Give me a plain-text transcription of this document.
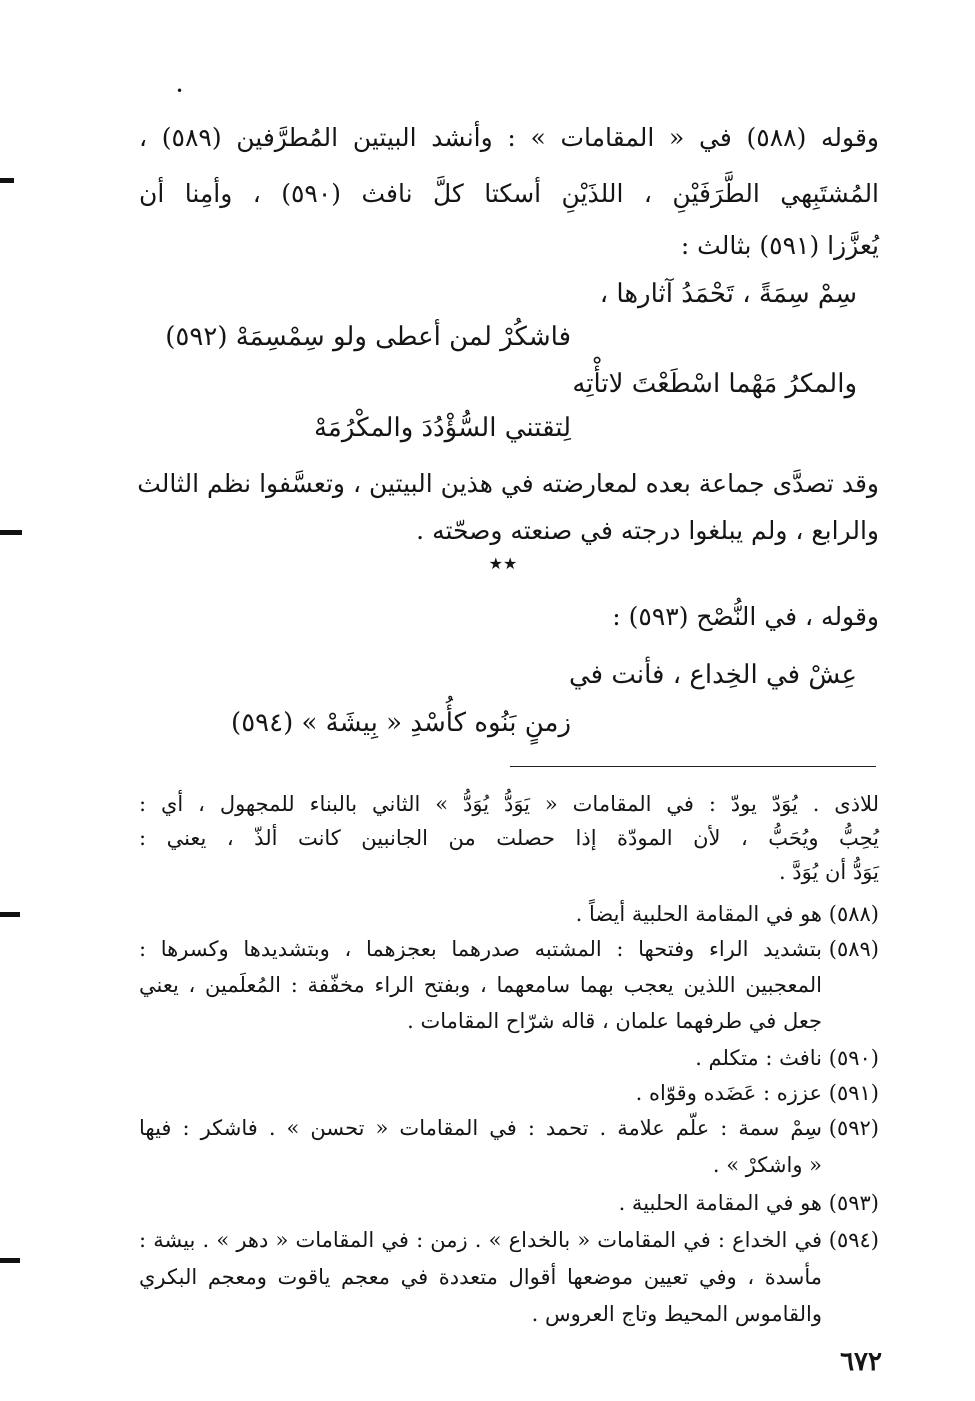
•
وقوله (٥٨٨) في « المقامات » : وأنشد البيتين المُطرَّفين (٥٨٩) ،
المُشتَبِهي الطَّرَفَيْنِ ، اللذَيْنِ أسكتا كلَّ نافث (٥٩٠) ، وأمِنا أن
يُعزَّزا (٥٩١) بثالث :
سِمْ سِمَةً ، تَحْمَدُ آثارها ،
فاشكُرْ لمن أعطى ولو سِمْسِمَهْ (٥٩٢)
والمكرُ مَهْما اسْطَعْتَ لاتأْتِه
لِتقتني السُّؤْدُدَ والمكْرُمَهْ
وقد تصدَّى جماعة بعده لمعارضته في هذين البيتين ، وتعسَّفوا نظم الثالث
والرابع ، ولم يبلغوا درجته في صنعته وصحّته .
★★
وقوله ، في النُّصْح (٥٩٣) :
عِشْ في الخِداع ، فأنت في
زمنٍ بَنُوه كأُسْدِ « بِيشَهْ » (٥٩٤)
للاذى . يُوَدّ يودّ : في المقامات « يَوَدُّ يُوَدُّ » الثاني بالبناء للمجهول ، أي :
يُحِبُّ ويُحَبُّ ، لأن المودّة إذا حصلت من الجانبين كانت ألذّ ، يعني :
يَوَدُّ أن يُوَدَّ .
(٥٨٨)
هو في المقامة الحلبية أيضاً .
(٥٨٩)
بتشديد الراء وفتحها : المشتبه صدرهما بعجزهما ، وبتشديدها وكسرها :
المعجبين اللذين يعجب بهما سامعهما ، وبفتح الراء مخفّفة : المُعلَمين ، يعني
جعل في طرفهما علمان ، قاله شرّاح المقامات .
(٥٩٠)
نافث : متكلم .
(٥٩١)
عززه : عَضَده وقوّاه .
(٥٩٢)
سِمْ سمة : علّم علامة . تحمد : في المقامات « تحسن » . فاشكر : فيها
« واشكرْ » .
(٥٩٣)
هو في المقامة الحلبية .
(٥٩٤)
في الخداع : في المقامات « بالخداع » . زمن : في المقامات « دهر » . بيشة :
مأسدة ، وفي تعيين موضعها أقوال متعددة في معجم ياقوت ومعجم البكري
والقاموس المحيط وتاج العروس .
٦٧٢
